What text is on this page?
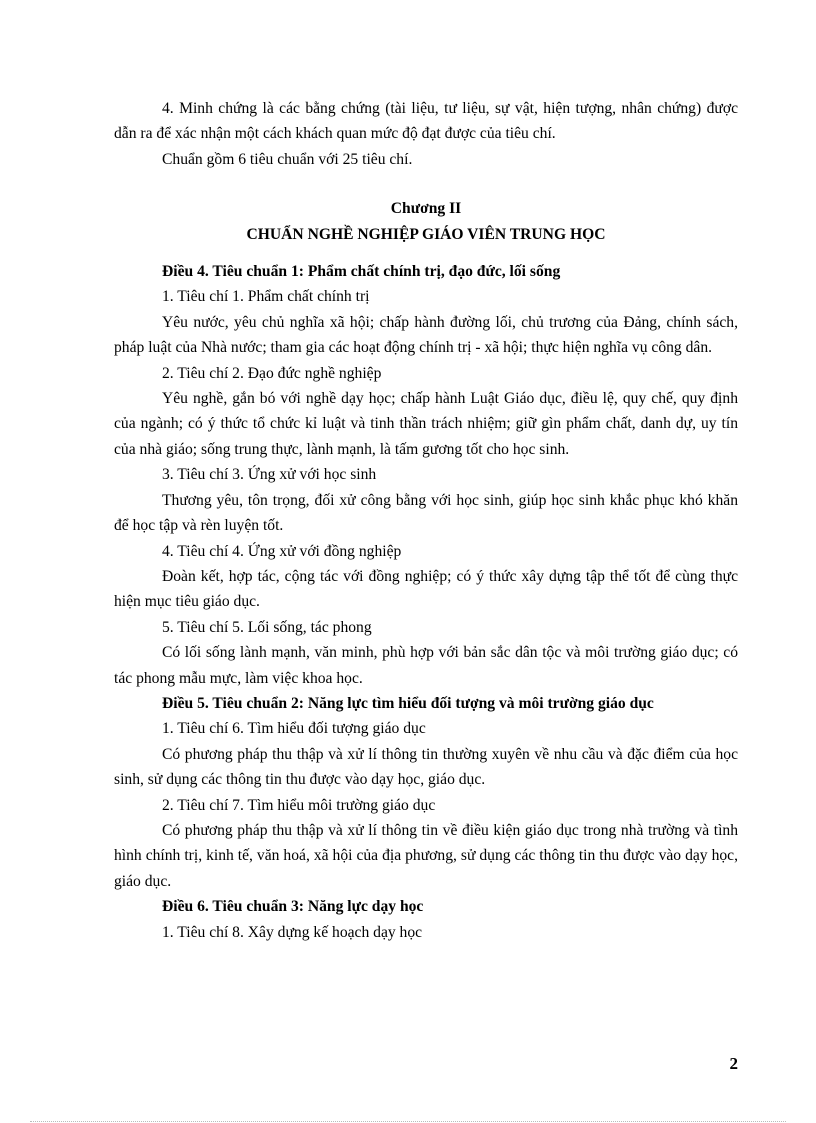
4. Minh chứng là các bằng chứng (tài liệu, tư liệu, sự vật, hiện tượng, nhân chứng) được dẫn ra để xác nhận một cách khách quan mức độ đạt được của tiêu chí.

Chuẩn gồm 6 tiêu chuẩn với 25 tiêu chí.

Chương II

CHUẨN NGHỀ NGHIỆP GIÁO VIÊN TRUNG HỌC

Điều 4. Tiêu chuẩn 1: Phẩm chất chính trị, đạo đức, lối sống

1. Tiêu chí 1. Phẩm chất chính trị

Yêu nước, yêu chủ nghĩa xã hội; chấp hành đường lối, chủ trương của Đảng, chính sách, pháp luật của Nhà nước; tham gia các hoạt động chính trị - xã hội; thực hiện nghĩa vụ công dân.

2. Tiêu chí 2. Đạo đức nghề nghiệp

Yêu nghề, gắn bó với nghề dạy học; chấp hành Luật Giáo dục, điều lệ, quy chế, quy định của ngành; có ý thức tổ chức kỉ luật và tinh thần trách nhiệm; giữ gìn phẩm chất, danh dự, uy tín của nhà giáo; sống trung thực, lành mạnh, là tấm gương tốt cho học sinh.

3. Tiêu chí 3. Ứng xử với học sinh

Thương yêu, tôn trọng, đối xử công bằng với học sinh, giúp học sinh khắc phục khó khăn để học tập và rèn luyện tốt.

4. Tiêu chí 4. Ứng xử với đồng nghiệp

Đoàn kết, hợp tác, cộng tác với đồng nghiệp; có ý thức xây dựng tập thể tốt để cùng thực hiện mục tiêu giáo dục.

5. Tiêu chí 5. Lối sống, tác phong

Có lối sống lành mạnh, văn minh, phù hợp với bản sắc dân tộc và môi trường giáo dục; có tác phong mẫu mực, làm việc khoa học.

Điều 5. Tiêu chuẩn 2: Năng lực tìm hiểu đối tượng và môi trường giáo dục

1. Tiêu chí 6. Tìm hiểu đối tượng giáo dục

Có phương pháp thu thập và xử lí thông tin thường xuyên về nhu cầu và đặc điểm của học sinh, sử dụng các thông tin thu được vào dạy học, giáo dục.

2. Tiêu chí 7. Tìm hiểu môi trường giáo dục

Có phương pháp thu thập và xử lí thông tin về điều kiện giáo dục trong nhà trường và tình hình chính trị, kinh tế, văn hoá, xã hội của địa phương, sử dụng các thông tin thu được vào dạy học, giáo dục.

Điều 6. Tiêu chuẩn 3: Năng lực dạy học

1. Tiêu chí 8. Xây dựng kế hoạch dạy học

2
